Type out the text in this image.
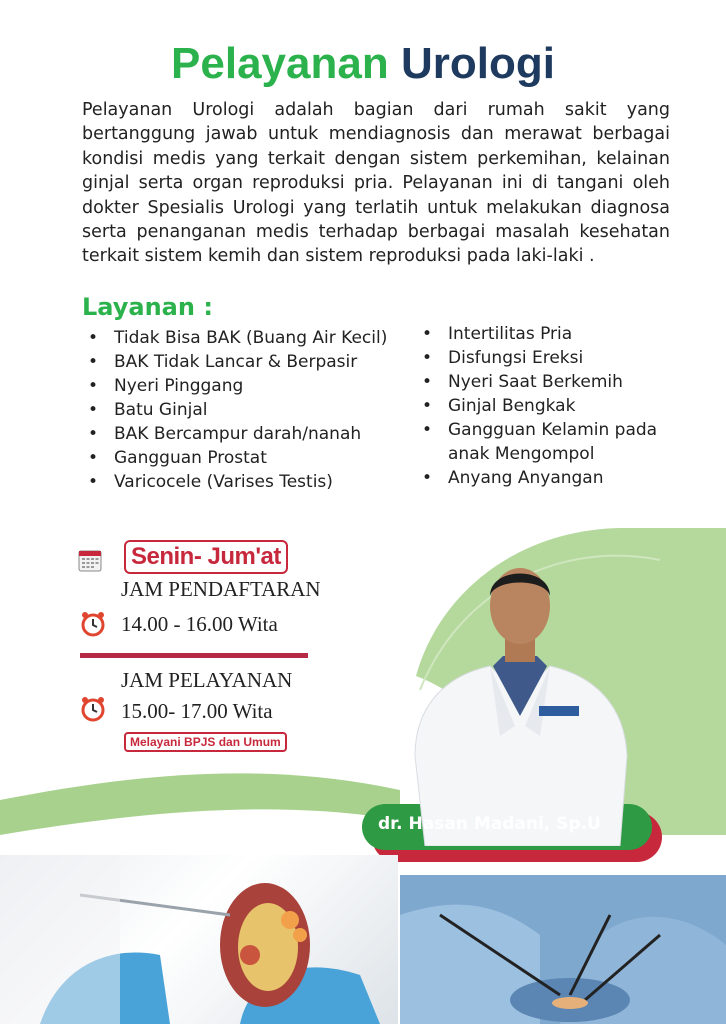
Pelayanan Urologi

Pelayanan Urologi adalah bagian dari rumah sakit yang bertanggung jawab untuk mendiagnosis dan merawat berbagai kondisi medis yang terkait dengan sistem perkemihan, kelainan ginjal serta organ reproduksi pria. Pelayanan ini di tangani oleh dokter Spesialis Urologi yang terlatih untuk melakukan diagnosa serta penanganan medis terhadap berbagai masalah kesehatan terkait sistem kemih dan sistem reproduksi pada laki-laki .

Layanan :
• Tidak Bisa BAK (Buang Air Kecil)
• BAK Tidak Lancar & Berpasir
• Nyeri Pinggang
• Batu Ginjal
• BAK Bercampur darah/nanah
• Gangguan Prostat
• Varicocele (Varises Testis)
• Intertilitas Pria
• Disfungsi Ereksi
• Nyeri Saat Berkemih
• Ginjal Bengkak
• Gangguan Kelamin pada anak Mengompol
• Anyang Anyangan
Senin- Jum'at
JAM PENDAFTARAN
14.00 - 16.00 Wita
JAM PELAYANAN
15.00- 17.00 Wita
Melayani BPJS dan Umum
dr. Hasan Madani, Sp.U
